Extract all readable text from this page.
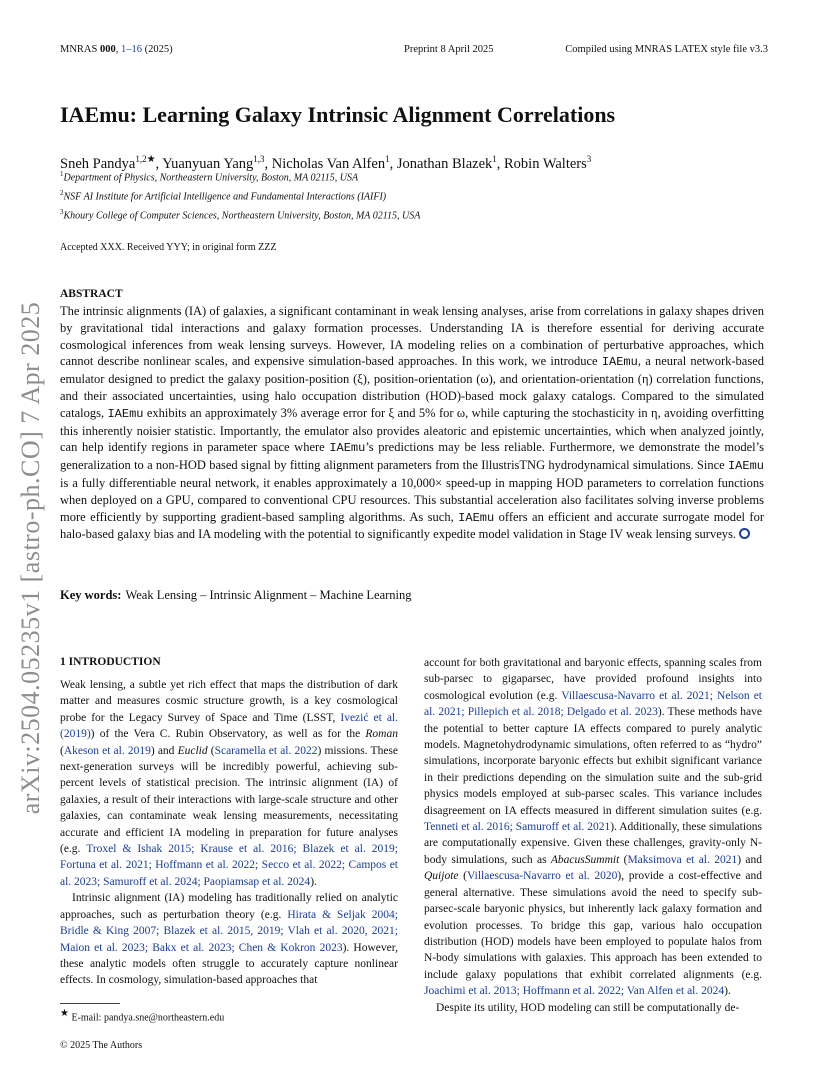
MNRAS 000, 1–16 (2025)	Preprint 8 April 2025	Compiled using MNRAS LATEX style file v3.3
arXiv:2504.05235v1 [astro-ph.CO] 7 Apr 2025
IAEmu: Learning Galaxy Intrinsic Alignment Correlations
Sneh Pandya$^{1,2★}$, Yuanyuan Yang$^{1,3}$, Nicholas Van Alfen$^1$, Jonathan Blazek$^1$, Robin Walters$^3$
$^1$Department of Physics, Northeastern University, Boston, MA 02115, USA
$^2$NSF AI Institute for Artificial Intelligence and Fundamental Interactions (IAIFI)
$^3$Khoury College of Computer Sciences, Northeastern University, Boston, MA 02115, USA
Accepted XXX. Received YYY; in original form ZZZ
ABSTRACT
The intrinsic alignments (IA) of galaxies, a significant contaminant in weak lensing analyses, arise from correlations in galaxy shapes driven by gravitational tidal interactions and galaxy formation processes. Understanding IA is therefore essential for deriving accurate cosmological inferences from weak lensing surveys. However, IA modeling relies on a combination of perturbative approaches, which cannot describe nonlinear scales, and expensive simulation-based approaches. In this work, we introduce IAEmu, a neural network-based emulator designed to predict the galaxy position-position (ξ), position-orientation (ω), and orientation-orientation (η) correlation functions, and their associated uncertainties, using halo occupation distribution (HOD)-based mock galaxy catalogs. Compared to the simulated catalogs, IAEmu exhibits an approximately 3% average error for ξ and 5% for ω, while capturing the stochasticity in η, avoiding overfitting this inherently noisier statistic. Importantly, the emulator also provides aleatoric and epistemic uncertainties, which when analyzed jointly, can help identify regions in parameter space where IAEmu’s predictions may be less reliable. Furthermore, we demonstrate the model’s generalization to a non-HOD based signal by fitting alignment parameters from the IllustrisTNG hydrodynamical simulations. Since IAEmu is a fully differentiable neural network, it enables approximately a 10,000× speed-up in mapping HOD parameters to correlation functions when deployed on a GPU, compared to conventional CPU resources. This substantial acceleration also facilitates solving inverse problems more efficiently by supporting gradient-based sampling algorithms. As such, IAEmu offers an efficient and accurate surrogate model for halo-based galaxy bias and IA modeling with the potential to significantly expedite model validation in Stage IV weak lensing surveys.
Key words: Weak Lensing – Intrinsic Alignment – Machine Learning
1 INTRODUCTION

Weak lensing, a subtle yet rich effect that maps the distribution of dark matter and measures cosmic structure growth, is a key cosmological probe for the Legacy Survey of Space and Time (LSST, Ivezić et al. (2019)) of the Vera C. Rubin Observatory, as well as for the Roman (Akeson et al. 2019) and Euclid (Scaramella et al. 2022) missions. These next-generation surveys will be incredibly powerful, achieving sub-percent levels of statistical precision. The intrinsic alignment (IA) of galaxies, a result of their interactions with large-scale structure and other galaxies, can contaminate weak lensing measurements, necessitating accurate and efficient IA modeling in preparation for future analyses (e.g. Troxel & Ishak 2015; Krause et al. 2016; Blazek et al. 2019; Fortuna et al. 2021; Hoffmann et al. 2022; Secco et al. 2022; Campos et al. 2023; Samuroff et al. 2024; Paopiamsap et al. 2024).

Intrinsic alignment (IA) modeling has traditionally relied on analytic approaches, such as perturbation theory (e.g. Hirata & Seljak 2004; Bridle & King 2007; Blazek et al. 2015, 2019; Vlah et al. 2020, 2021; Maion et al. 2023; Bakx et al. 2023; Chen & Kokron 2023). However, these analytic models often struggle to accurately capture nonlinear effects. In cosmology, simulation-based approaches that

account for both gravitational and baryonic effects, spanning scales from sub-parsec to gigaparsec, have provided profound insights into cosmological evolution (e.g. Villaescusa-Navarro et al. 2021; Nelson et al. 2021; Pillepich et al. 2018; Delgado et al. 2023). These methods have the potential to better capture IA effects compared to purely analytic models. Magnetohydrodynamic simulations, often referred to as “hydro” simulations, incorporate baryonic effects but exhibit significant variance in their predictions depending on the simulation suite and the sub-grid physics models employed at sub-parsec scales. This variance includes disagreement on IA effects measured in different simulation suites (e.g. Tenneti et al. 2016; Samuroff et al. 2021). Additionally, these simulations are computationally expensive. Given these challenges, gravity-only N-body simulations, such as AbacusSummit (Maksimova et al. 2021) and Quijote (Villaescusa-Navarro et al. 2020), provide a cost-effective and general alternative. These simulations avoid the need to specify sub-parsec-scale baryonic physics, but inherently lack galaxy formation and evolution processes. To bridge this gap, various halo occupation distribution (HOD) models have been employed to populate halos from N-body simulations with galaxies. This approach has been extended to include galaxy populations that exhibit correlated alignments (e.g. Joachimi et al. 2013; Hoffmann et al. 2022; Van Alfen et al. 2024).

Despite its utility, HOD modeling can still be computationally de-

★ E-mail: pandya.sne@northeastern.edu
© 2025 The Authors
